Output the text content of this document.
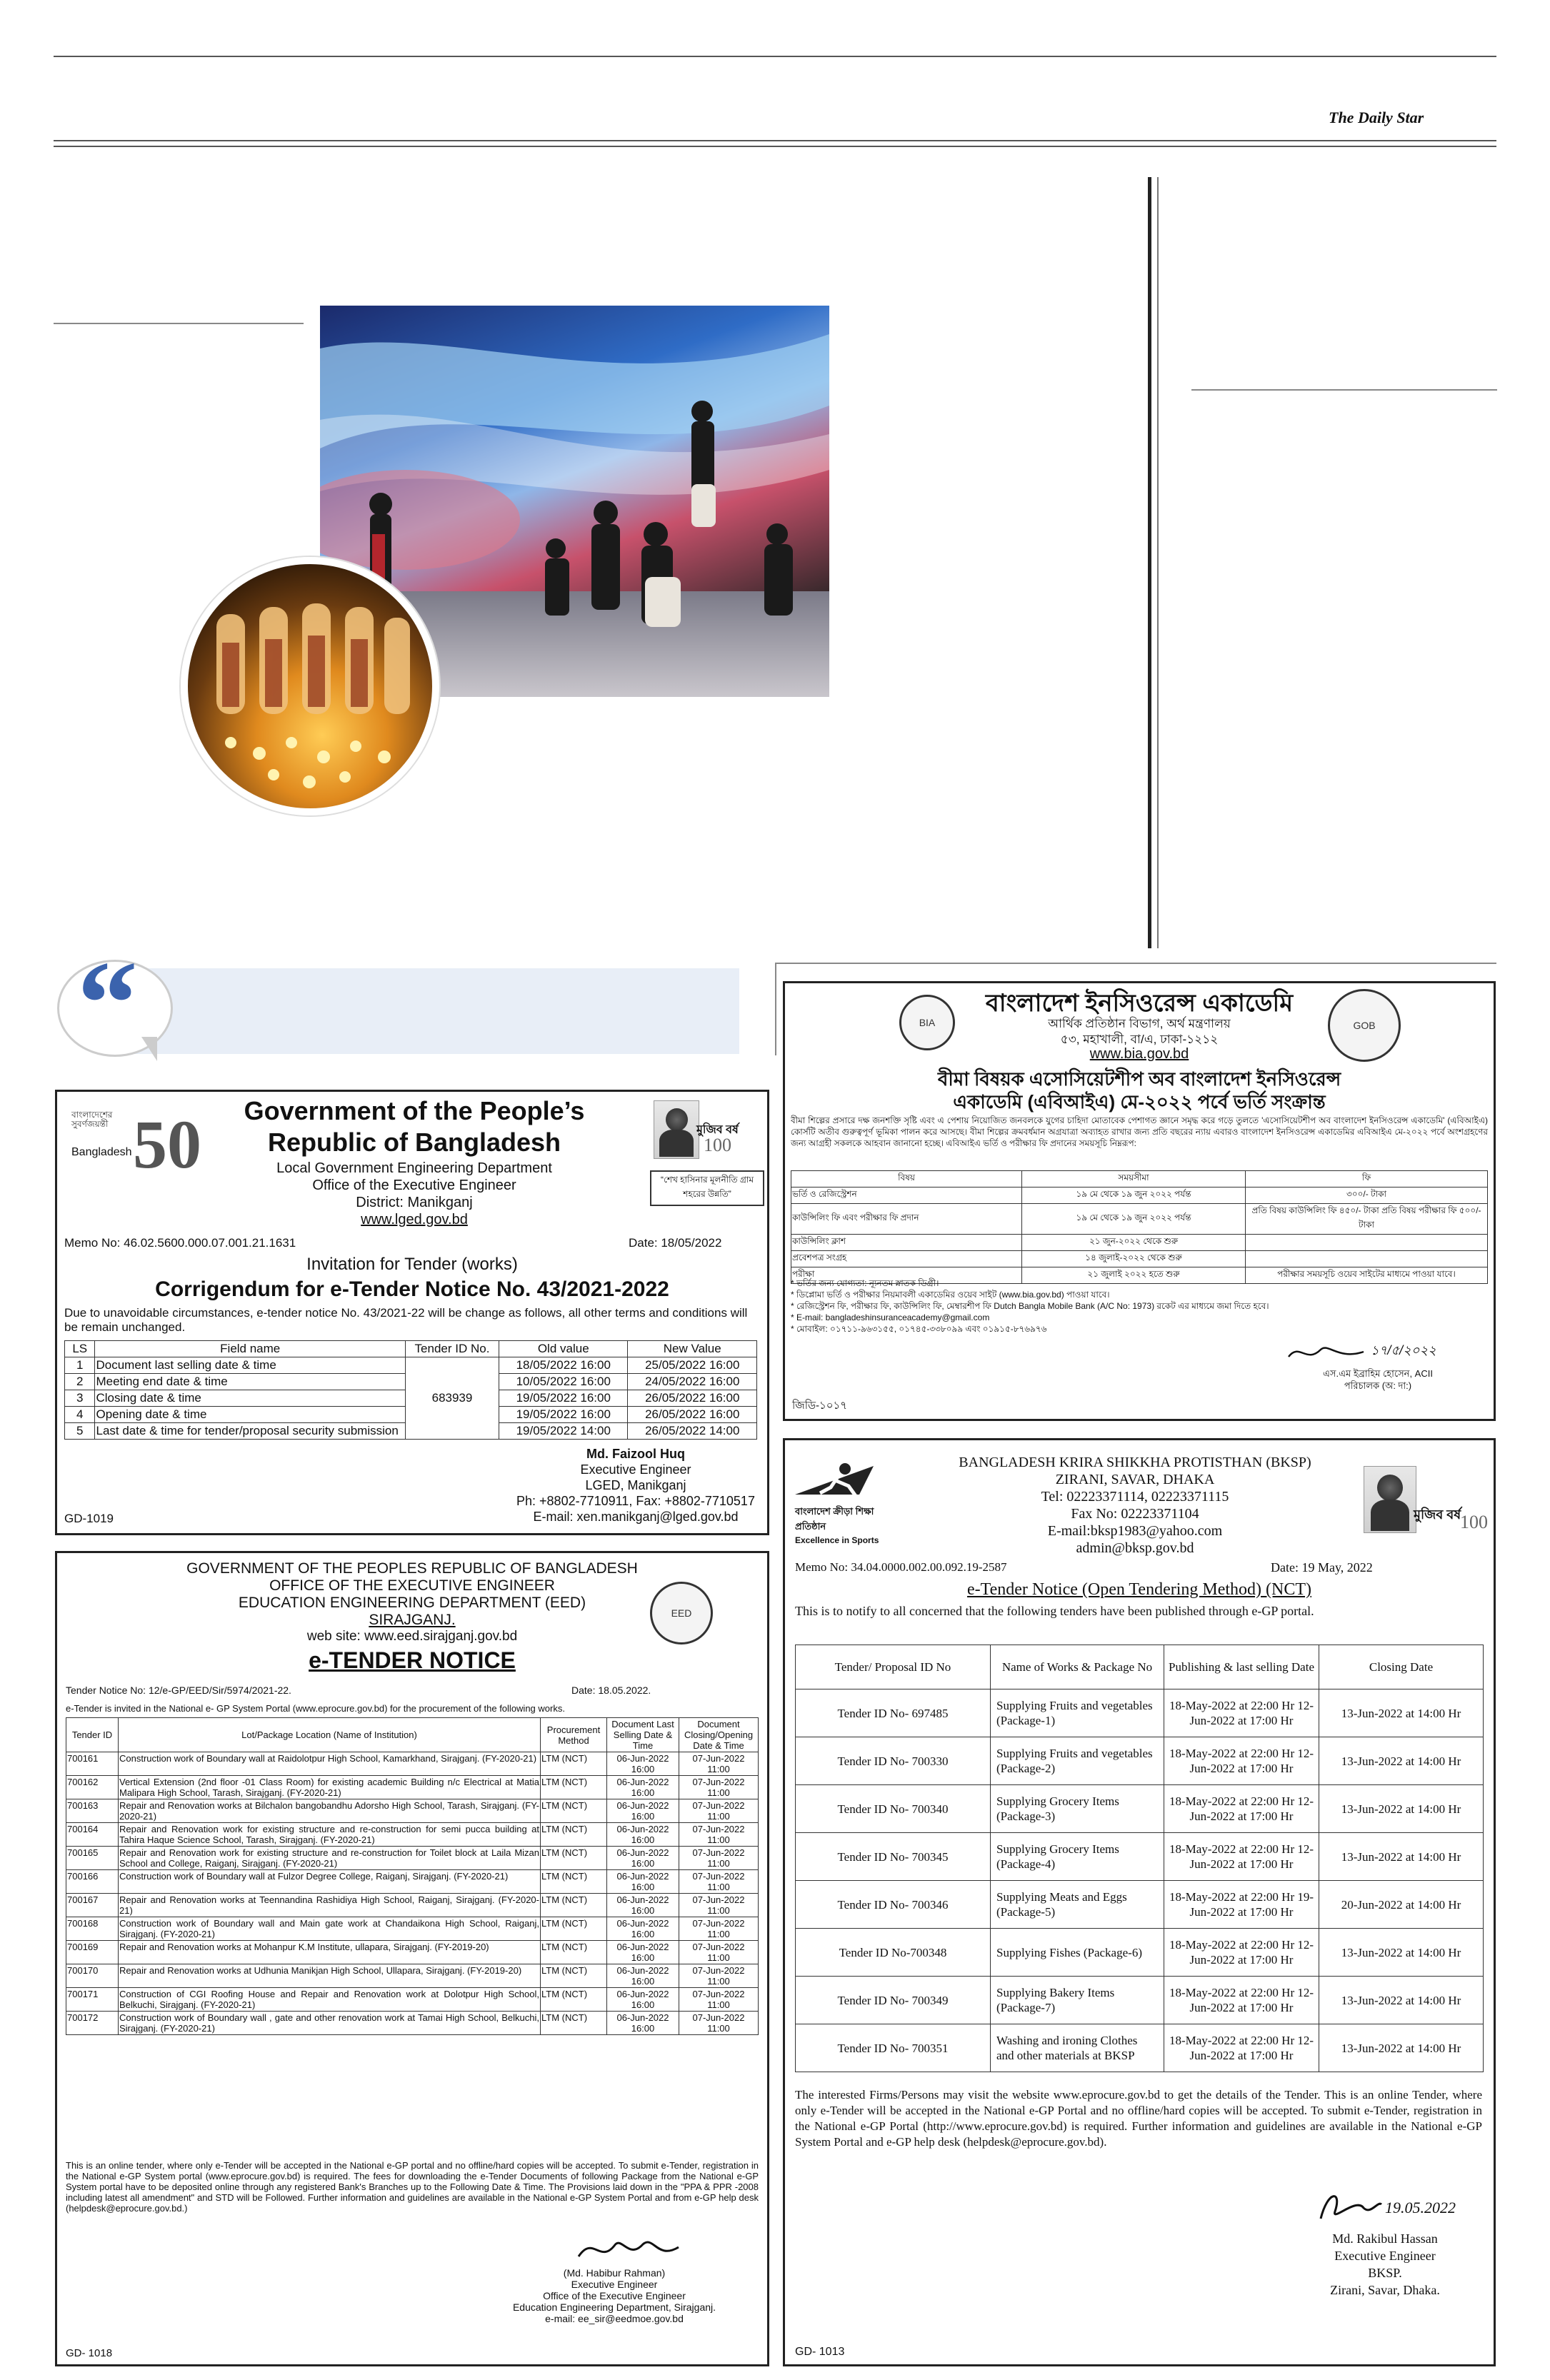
The Daily Star
“
বাংলাদেশের সুবর্ণজয়ন্তী
Bangladesh 50	Government of the People’s
Republic of Bangladesh
Local Government Engineering Department
Office of the Executive Engineer
District: Manikganj
www.lged.gov.bd
মুজিব বর্ষ
100
“শেখ হাসিনার মূলনীতি গ্রাম শহরের উন্নতি”
Memo No: 46.02.5600.000.07.001.21.1631	Date: 18/05/2022
Invitation for Tender (works)
Corrigendum for e-Tender Notice No. 43/2021-2022
Due to unavoidable circumstances, e-tender notice No. 43/2021-22 will be change as follows, all other terms and conditions will be remain unchanged.
LS	Field name	Tender ID No.	Old value	New Value
1	Document last selling date & time	683939	18/05/2022 16:00	25/05/2022 16:00
2	Meeting end date & time		10/05/2022 16:00	24/05/2022 16:00
3	Closing date & time		19/05/2022 16:00	26/05/2022 16:00
4	Opening date & time		19/05/2022 16:00	26/05/2022 16:00
5	Last date & time for tender/proposal security submission		19/05/2022 14:00	26/05/2022 14:00
Md. Faizool Huq
Executive Engineer
LGED, Manikganj
Ph: +8802-7710911, Fax: +8802-7710517
E-mail: xen.manikganj@lged.gov.bd
GD-1019
GOVERNMENT OF THE PEOPLES REPUBLIC OF BANGLADESH
OFFICE OF THE EXECUTIVE ENGINEER
EDUCATION ENGINEERING DEPARTMENT (EED)
SIRAJGANJ.
web site: www.eed.sirajganj.gov.bd
EED
e-TENDER NOTICE
Tender Notice No: 12/e-GP/EED/Sir/5974/2021-22.	Date: 18.05.2022.
e-Tender is invited in the National e- GP System Portal (www.eprocure.gov.bd) for the procurement of the following works.
Tender ID	Lot/Package Location (Name of Institution)	Procurement Method	Document Last Selling Date & Time	Document Closing/Opening Date & Time
700161	Construction work of Boundary wall at Raidolotpur High School, Kamarkhand, Sirajganj. (FY-2020-21)	LTM (NCT)	06-Jun-2022 16:00	07-Jun-2022 11:00
700162	Vertical Extension (2nd floor -01 Class Room) for existing academic Building n/c Electrical at Matia Malipara High School, Tarash, Sirajganj. (FY-2020-21)	LTM (NCT)	06-Jun-2022 16:00	07-Jun-2022 11:00
700163	Repair and Renovation works at Bilchalon bangobandhu Adorsho High School, Tarash, Sirajganj. (FY-2020-21)	LTM (NCT)	06-Jun-2022 16:00	07-Jun-2022 11:00
700164	Repair and Renovation work for existing structure and re-construction for semi pucca building at Tahira Haque Science School, Tarash, Sirajganj. (FY-2020-21)	LTM (NCT)	06-Jun-2022 16:00	07-Jun-2022 11:00
700165	Repair and Renovation work for existing structure and re-construction for Toilet block at Laila Mizan School and College, Raiganj, Sirajganj. (FY-2020-21)	LTM (NCT)	06-Jun-2022 16:00	07-Jun-2022 11:00
700166	Construction work of Boundary wall at Fulzor Degree College, Raiganj, Sirajganj. (FY-2020-21)	LTM (NCT)	06-Jun-2022 16:00	07-Jun-2022 11:00
700167	Repair and Renovation works at Teennandina Rashidiya High School, Raiganj, Sirajganj. (FY-2020-21)	LTM (NCT)	06-Jun-2022 16:00	07-Jun-2022 11:00
700168	Construction work of Boundary wall and Main gate work at Chandaikona High School, Raiganj, Sirajganj. (FY-2020-21)	LTM (NCT)	06-Jun-2022 16:00	07-Jun-2022 11:00
700169	Repair and Renovation works at Mohanpur K.M Institute, ullapara, Sirajganj. (FY-2019-20)	LTM (NCT)	06-Jun-2022 16:00	07-Jun-2022 11:00
700170	Repair and Renovation works at Udhunia Manikjan High School, Ullapara, Sirajganj. (FY-2019-20)	LTM (NCT)	06-Jun-2022 16:00	07-Jun-2022 11:00
700171	Construction of CGI Roofing House and Repair and Renovation work at Dolotpur High School, Belkuchi, Sirajganj. (FY-2020-21)	LTM (NCT)	06-Jun-2022 16:00	07-Jun-2022 11:00
700172	Construction work of Boundary wall , gate and other renovation work at Tamai High School, Belkuchi, Sirajganj. (FY-2020-21)	LTM (NCT)	06-Jun-2022 16:00	07-Jun-2022 11:00
This is an online tender, where only e-Tender will be accepted in the National e-GP portal and no offline/hard copies will be accepted. To submit e-Tender, registration in the National e-GP System portal (www.eprocure.gov.bd) is required. The fees for downloading the e-Tender Documents of following Package from the National e-GP System portal have to be deposited online through any registered Bank's Branches up to the Following Date & Time. The Provisions laid down in the "PPA & PPR -2008 including latest all amendment" and STD will be Followed. Further information and guidelines are available in the National e-GP System Portal and from e-GP help desk (helpdesk@eprocure.gov.bd.)
(Md. Habibur Rahman)
Executive Engineer
Office of the Executive Engineer
Education Engineering Department, Sirajganj.
e-mail: ee_sir@eedmoe.gov.bd
GD- 1018
BIA	GOB
বাংলাদেশ ইনসিওরেন্স একাডেমি
আর্থিক প্রতিষ্ঠান বিভাগ, অর্থ মন্ত্রণালয়
৫৩, মহাখালী, বা/এ, ঢাকা-১২১২
www.bia.gov.bd
বীমা বিষয়ক এসোসিয়েটশীপ অব বাংলাদেশ ইনসিওরেন্স
একাডেমি (এবিআইএ) মে-২০২২ পর্বে ভর্তি সংক্রান্ত
বীমা শিল্পের প্রসারে দক্ষ জনশক্তি সৃষ্টি এবং এ পেশায় নিয়োজিত জনবলকে যুগের চাহিদা মোতাবেক পেশাগত জ্ঞানে সমৃদ্ধ করে গড়ে তুলতে 'এসোসিয়েটশীপ অব বাংলাদেশ ইনসিওরেন্স একাডেমি' (এবিআইএ) কোর্সটি অতীব গুরুত্বপূর্ণ ভূমিকা পালন করে আসছে। বীমা শিল্পের ক্রমবর্ধমান অগ্রযাত্রা অব্যাহত রাখার জন্য প্রতি বছরের ন্যায় এবারও বাংলাদেশ ইনসিওরেন্স একাডেমির এবিআইএ মে-২০২২ পর্বে অংশগ্রহণের জন্য আগ্রহী সকলকে আহবান জানানো হচ্ছে। এবিআইএ ভর্তি ও পরীক্ষার ফি প্রদানের সময়সূচি নিম্নরূপ:
বিষয়	সময়সীমা	ফি
ভর্তি ও রেজিস্ট্রেশন	১৯ মে থেকে ১৯ জুন ২০২২ পর্যন্ত	৩০০/- টাকা
কাউন্সিলিং ফি এবং পরীক্ষার ফি প্রদান	১৯ মে থেকে ১৯ জুন ২০২২ পর্যন্ত	প্রতি বিষয় কাউন্সিলিং ফি ৪৫০/- টাকা প্রতি বিষয় পরীক্ষার ফি ৫০০/- টাকা
কাউন্সিলিং ক্লাশ	২১ জুন-২০২২ থেকে শুরু	
প্রবেশপত্র সংগ্রহ	১৪ জুলাই-২০২২ থেকে শুরু	
পরীক্ষা	২১ জুলাই ২০২২ হতে শুরু	পরীক্ষার সময়সূচি ওয়েব সাইটের মাধ্যমে পাওয়া যাবে।
* ভর্তির জন্য যোগ্যতা: ন্যূনতম স্নাতক ডিগ্রী।
* ডিপ্লোমা ভর্তি ও পরীক্ষার নিয়মাবলী একাডেমির ওয়েব সাইট (www.bia.gov.bd) পাওয়া যাবে।
* রেজিস্ট্রেশন ফি, পরীক্ষার ফি, কাউন্সিলিং ফি, মেম্বারশীপ ফি Dutch Bangla Mobile Bank (A/C No: 1973) রকেট এর মাধ্যমে জমা দিতে হবে।
* E-mail: bangladeshinsuranceacademy@gmail.com
* মোবাইল: ০১৭১১-৯৬৩১৫৫, ০১৭৪৫-৩৩৮০৯৯ এবং ০১৯১৫-৮৭৬৯৭৬
১৭/৫/২০২২
এস.এম ইব্রাহিম হোসেন, ACII
পরিচালক (অ: দা:)
জিডি-১০১৭
বাংলাদেশ ক্রীড়া শিক্ষা প্রতিষ্ঠান
Excellence in Sports
BANGLADESH KRIRA SHIKKHA PROTISTHAN (BKSP)
ZIRANI, SAVAR, DHAKA
Tel: 02223371114, 02223371115
Fax No: 02223371104
E-mail:bksp1983@yahoo.com
admin@bksp.gov.bd
মুজিব বর্ষ
100
Memo No: 34.04.0000.002.00.092.19-2587	Date: 19 May, 2022
e-Tender Notice (Open Tendering Method) (NCT)
This is to notify to all concerned that the following tenders have been published through e-GP portal.
Tender/ Proposal ID No	Name of Works & Package No	Publishing & last selling Date	Closing Date
Tender ID No- 697485	Supplying Fruits and vegetables (Package-1)	18-May-2022 at 22:00 Hr 12-Jun-2022 at 17:00 Hr	13-Jun-2022 at 14:00 Hr
Tender ID No- 700330	Supplying Fruits and vegetables (Package-2)	18-May-2022 at 22:00 Hr 12-Jun-2022 at 17:00 Hr	13-Jun-2022 at 14:00 Hr
Tender ID No- 700340	Supplying Grocery Items (Package-3)	18-May-2022 at 22:00 Hr 12-Jun-2022 at 17:00 Hr	13-Jun-2022 at 14:00 Hr
Tender ID No- 700345	Supplying Grocery Items (Package-4)	18-May-2022 at 22:00 Hr 12-Jun-2022 at 17:00 Hr	13-Jun-2022 at 14:00 Hr
Tender ID No- 700346	Supplying Meats and Eggs (Package-5)	18-May-2022 at 22:00 Hr 19-Jun-2022 at 17:00 Hr	20-Jun-2022 at 14:00 Hr
Tender ID No-700348	Supplying Fishes (Package-6)	18-May-2022 at 22:00 Hr 12-Jun-2022 at 17:00 Hr	13-Jun-2022 at 14:00 Hr
Tender ID No- 700349	Supplying Bakery Items (Package-7)	18-May-2022 at 22:00 Hr 12-Jun-2022 at 17:00 Hr	13-Jun-2022 at 14:00 Hr
Tender ID No- 700351	Washing and ironing Clothes and other materials at BKSP	18-May-2022 at 22:00 Hr 12-Jun-2022 at 17:00 Hr	13-Jun-2022 at 14:00 Hr
The interested Firms/Persons may visit the website www.eprocure.gov.bd to get the details of the Tender. This is an online Tender, where only e-Tender will be accepted in the National e-GP Portal and no offline/hard copies will be accepted. To submit e-Tender, registration in the National e-GP Portal (http://www.eprocure.gov.bd) is required. Further information and guidelines are available in the National e-GP System Portal and e-GP help desk (helpdesk@eprocure.gov.bd).
19.05.2022
Md. Rakibul Hassan
Executive Engineer
BKSP.
Zirani, Savar, Dhaka.
GD- 1013
